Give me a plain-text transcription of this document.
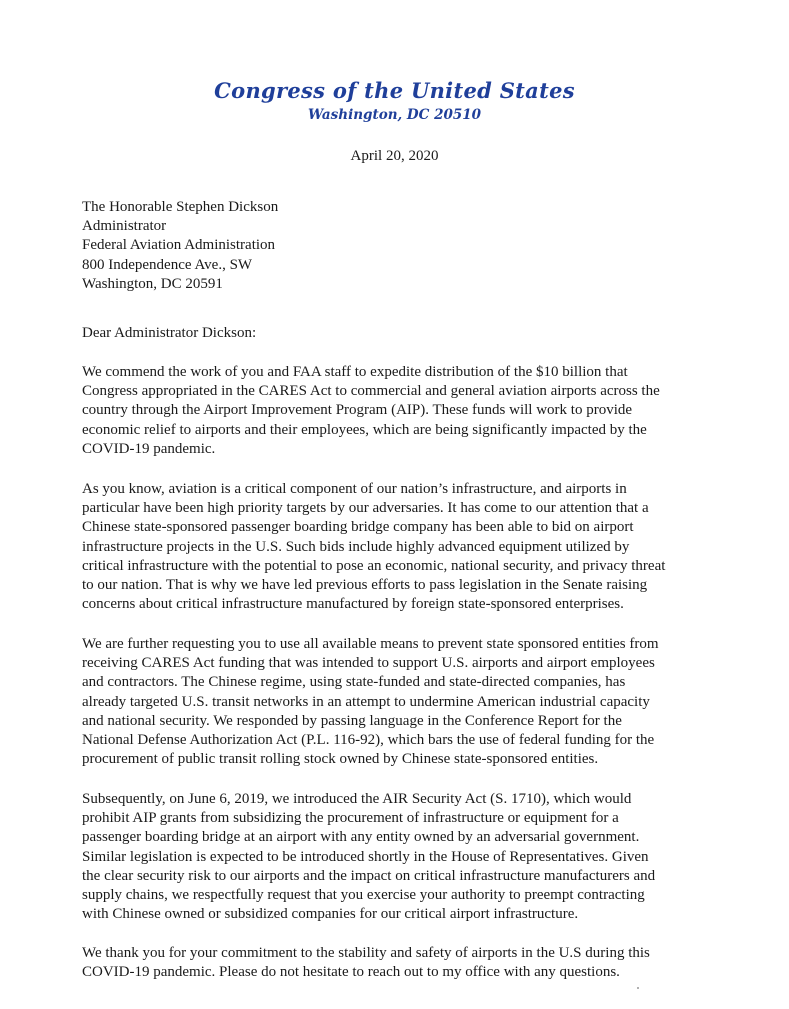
Congress of the United States
Washington, DC 20510
April 20, 2020
The Honorable Stephen Dickson
Administrator
Federal Aviation Administration
800 Independence Ave., SW
Washington, DC 20591
Dear Administrator Dickson:
We commend the work of you and FAA staff to expedite distribution of the $10 billion that
Congress appropriated in the CARES Act to commercial and general aviation airports across the
country through the Airport Improvement Program (AIP). These funds will work to provide
economic relief to airports and their employees, which are being significantly impacted by the
COVID-19 pandemic.
As you know, aviation is a critical component of our nation’s infrastructure, and airports in
particular have been high priority targets by our adversaries. It has come to our attention that a
Chinese state-sponsored passenger boarding bridge company has been able to bid on airport
infrastructure projects in the U.S. Such bids include highly advanced equipment utilized by
critical infrastructure with the potential to pose an economic, national security, and privacy threat
to our nation. That is why we have led previous efforts to pass legislation in the Senate raising
concerns about critical infrastructure manufactured by foreign state-sponsored enterprises.
We are further requesting you to use all available means to prevent state sponsored entities from
receiving CARES Act funding that was intended to support U.S. airports and airport employees
and contractors. The Chinese regime, using state-funded and state-directed companies, has
already targeted U.S. transit networks in an attempt to undermine American industrial capacity
and national security. We responded by passing language in the Conference Report for the
National Defense Authorization Act (P.L. 116-92), which bars the use of federal funding for the
procurement of public transit rolling stock owned by Chinese state-sponsored entities.
Subsequently, on June 6, 2019, we introduced the AIR Security Act (S. 1710), which would
prohibit AIP grants from subsidizing the procurement of infrastructure or equipment for a
passenger boarding bridge at an airport with any entity owned by an adversarial government.
Similar legislation is expected to be introduced shortly in the House of Representatives. Given
the clear security risk to our airports and the impact on critical infrastructure manufacturers and
supply chains, we respectfully request that you exercise your authority to preempt contracting
with Chinese owned or subsidized companies for our critical airport infrastructure.
We thank you for your commitment to the stability and safety of airports in the U.S during this
COVID-19 pandemic. Please do not hesitate to reach out to my office with any questions.
